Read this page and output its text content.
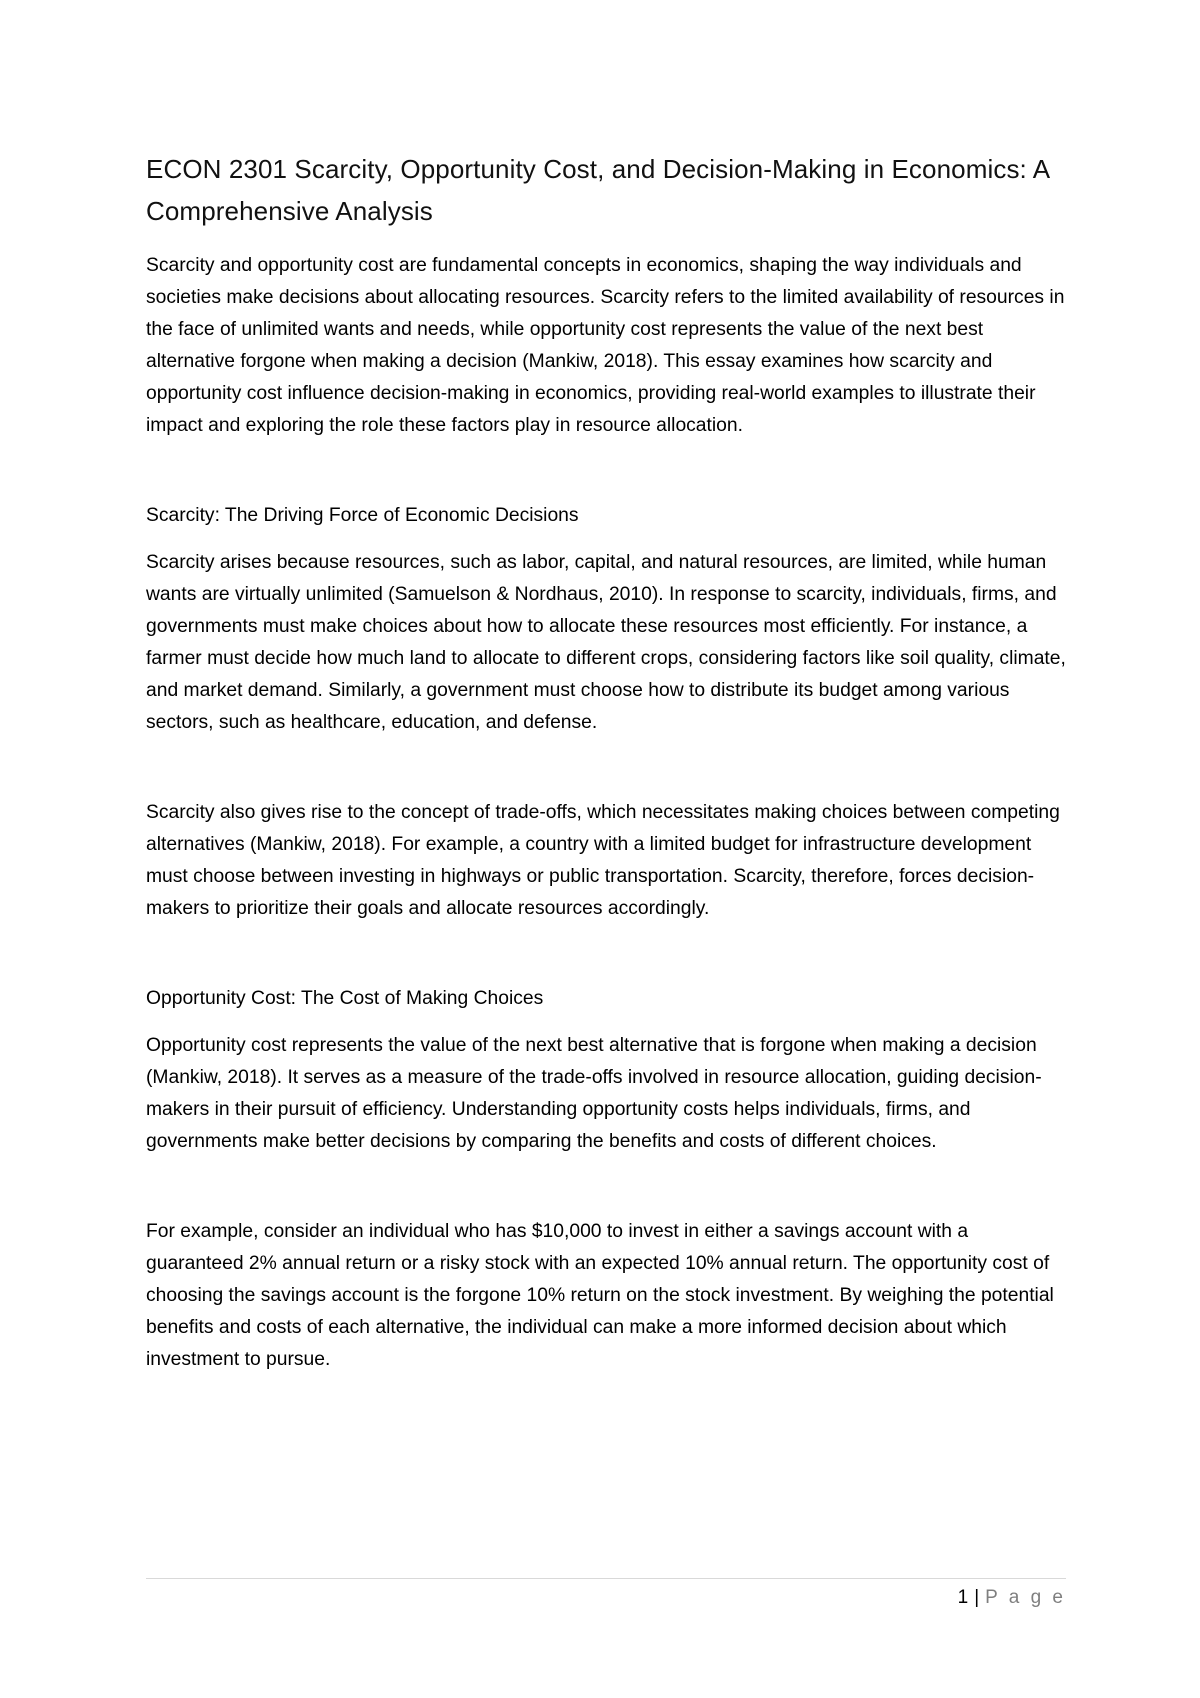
ECON 2301 Scarcity, Opportunity Cost, and Decision-Making in Economics: A Comprehensive Analysis

Scarcity and opportunity cost are fundamental concepts in economics, shaping the way individuals and societies make decisions about allocating resources. Scarcity refers to the limited availability of resources in the face of unlimited wants and needs, while opportunity cost represents the value of the next best alternative forgone when making a decision (Mankiw, 2018). This essay examines how scarcity and opportunity cost influence decision-making in economics, providing real-world examples to illustrate their impact and exploring the role these factors play in resource allocation.

Scarcity: The Driving Force of Economic Decisions

Scarcity arises because resources, such as labor, capital, and natural resources, are limited, while human wants are virtually unlimited (Samuelson & Nordhaus, 2010). In response to scarcity, individuals, firms, and governments must make choices about how to allocate these resources most efficiently. For instance, a farmer must decide how much land to allocate to different crops, considering factors like soil quality, climate, and market demand. Similarly, a government must choose how to distribute its budget among various sectors, such as healthcare, education, and defense.

Scarcity also gives rise to the concept of trade-offs, which necessitates making choices between competing alternatives (Mankiw, 2018). For example, a country with a limited budget for infrastructure development must choose between investing in highways or public transportation. Scarcity, therefore, forces decision-makers to prioritize their goals and allocate resources accordingly.

Opportunity Cost: The Cost of Making Choices

Opportunity cost represents the value of the next best alternative that is forgone when making a decision (Mankiw, 2018). It serves as a measure of the trade-offs involved in resource allocation, guiding decision-makers in their pursuit of efficiency. Understanding opportunity costs helps individuals, firms, and governments make better decisions by comparing the benefits and costs of different choices.

For example, consider an individual who has $10,000 to invest in either a savings account with a guaranteed 2% annual return or a risky stock with an expected 10% annual return. The opportunity cost of choosing the savings account is the forgone 10% return on the stock investment. By weighing the potential benefits and costs of each alternative, the individual can make a more informed decision about which investment to pursue.

1 | P a g e
